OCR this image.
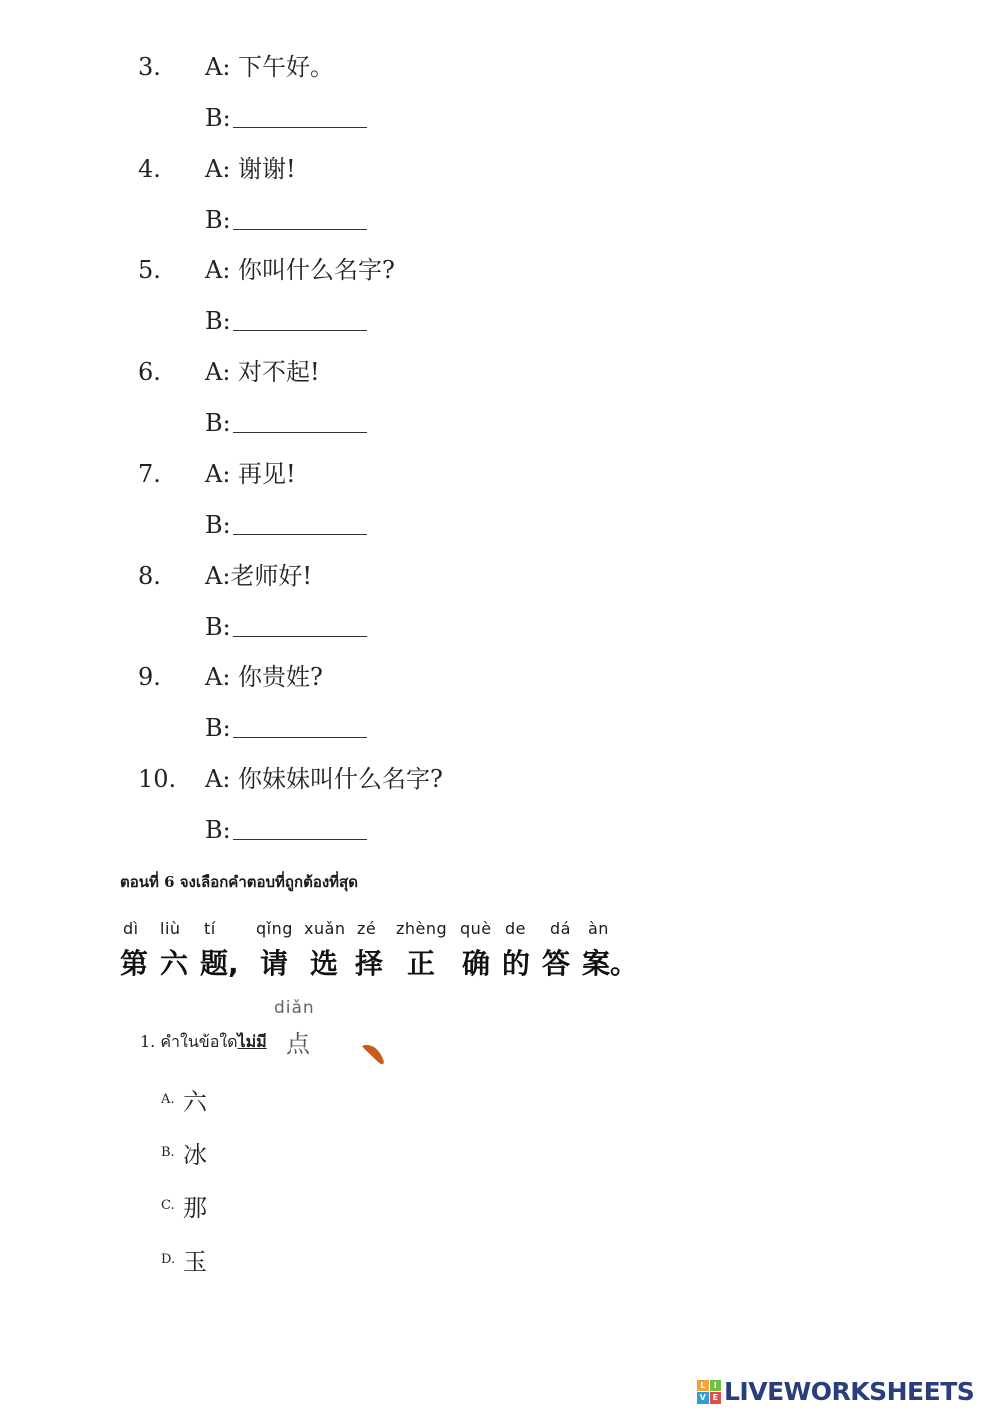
3. A: 下午好。
B:
4. A: 谢谢!
B:
5. A: 你叫什么名字?
B:
6. A: 对不起!
B:
7. A: 再见!
B:
8. A:老师好!
B:
9. A: 你贵姓?
B:
10. A: 你妹妹叫什么名字?
B:
ตอนที่ 6 จงเลือกคำตอบที่ถูกต้องที่สุด
dì liù tí	qǐng xuǎn zé zhèng què de dá àn
第 六 题, 请 选 择 正 确 的 答 案。
diǎn
1. คำในข้อใดไม่มี 点
A. 六
B. 冰
C. 那
D. 玉
L	I
V E LIVEWORKSHEETS
